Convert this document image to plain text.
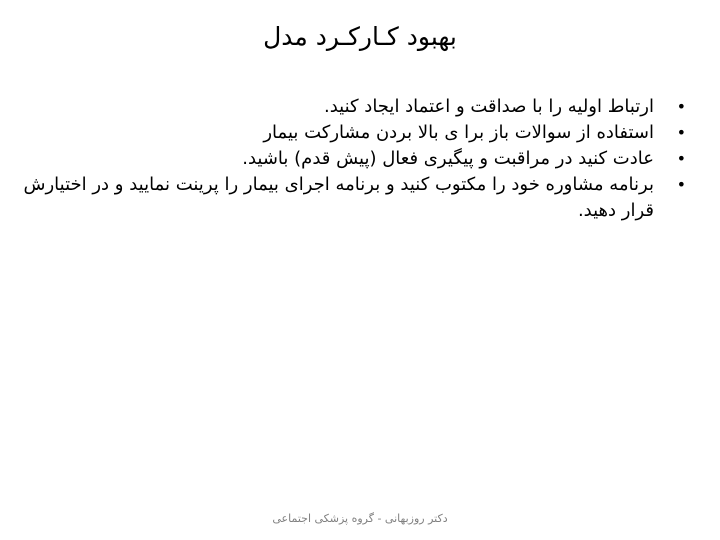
بهبود کـارکـرد مدل
•
ارتباط اولیه را با صداقت و اعتماد ایجاد کنید.
•
استفاده از سوالات باز برا ی بالا بردن مشارکت بیمار
•
عادت کنید در مراقبت و پیگیری فعال (پیش قدم) باشید.
•
برنامه مشاوره خود را مکتوب کنید و برنامه اجرای بیمار را پرینت نمایید و در اختیارش قرار دهید.
دکتر روزبهانی - گروه پزشکی اجتماعی
